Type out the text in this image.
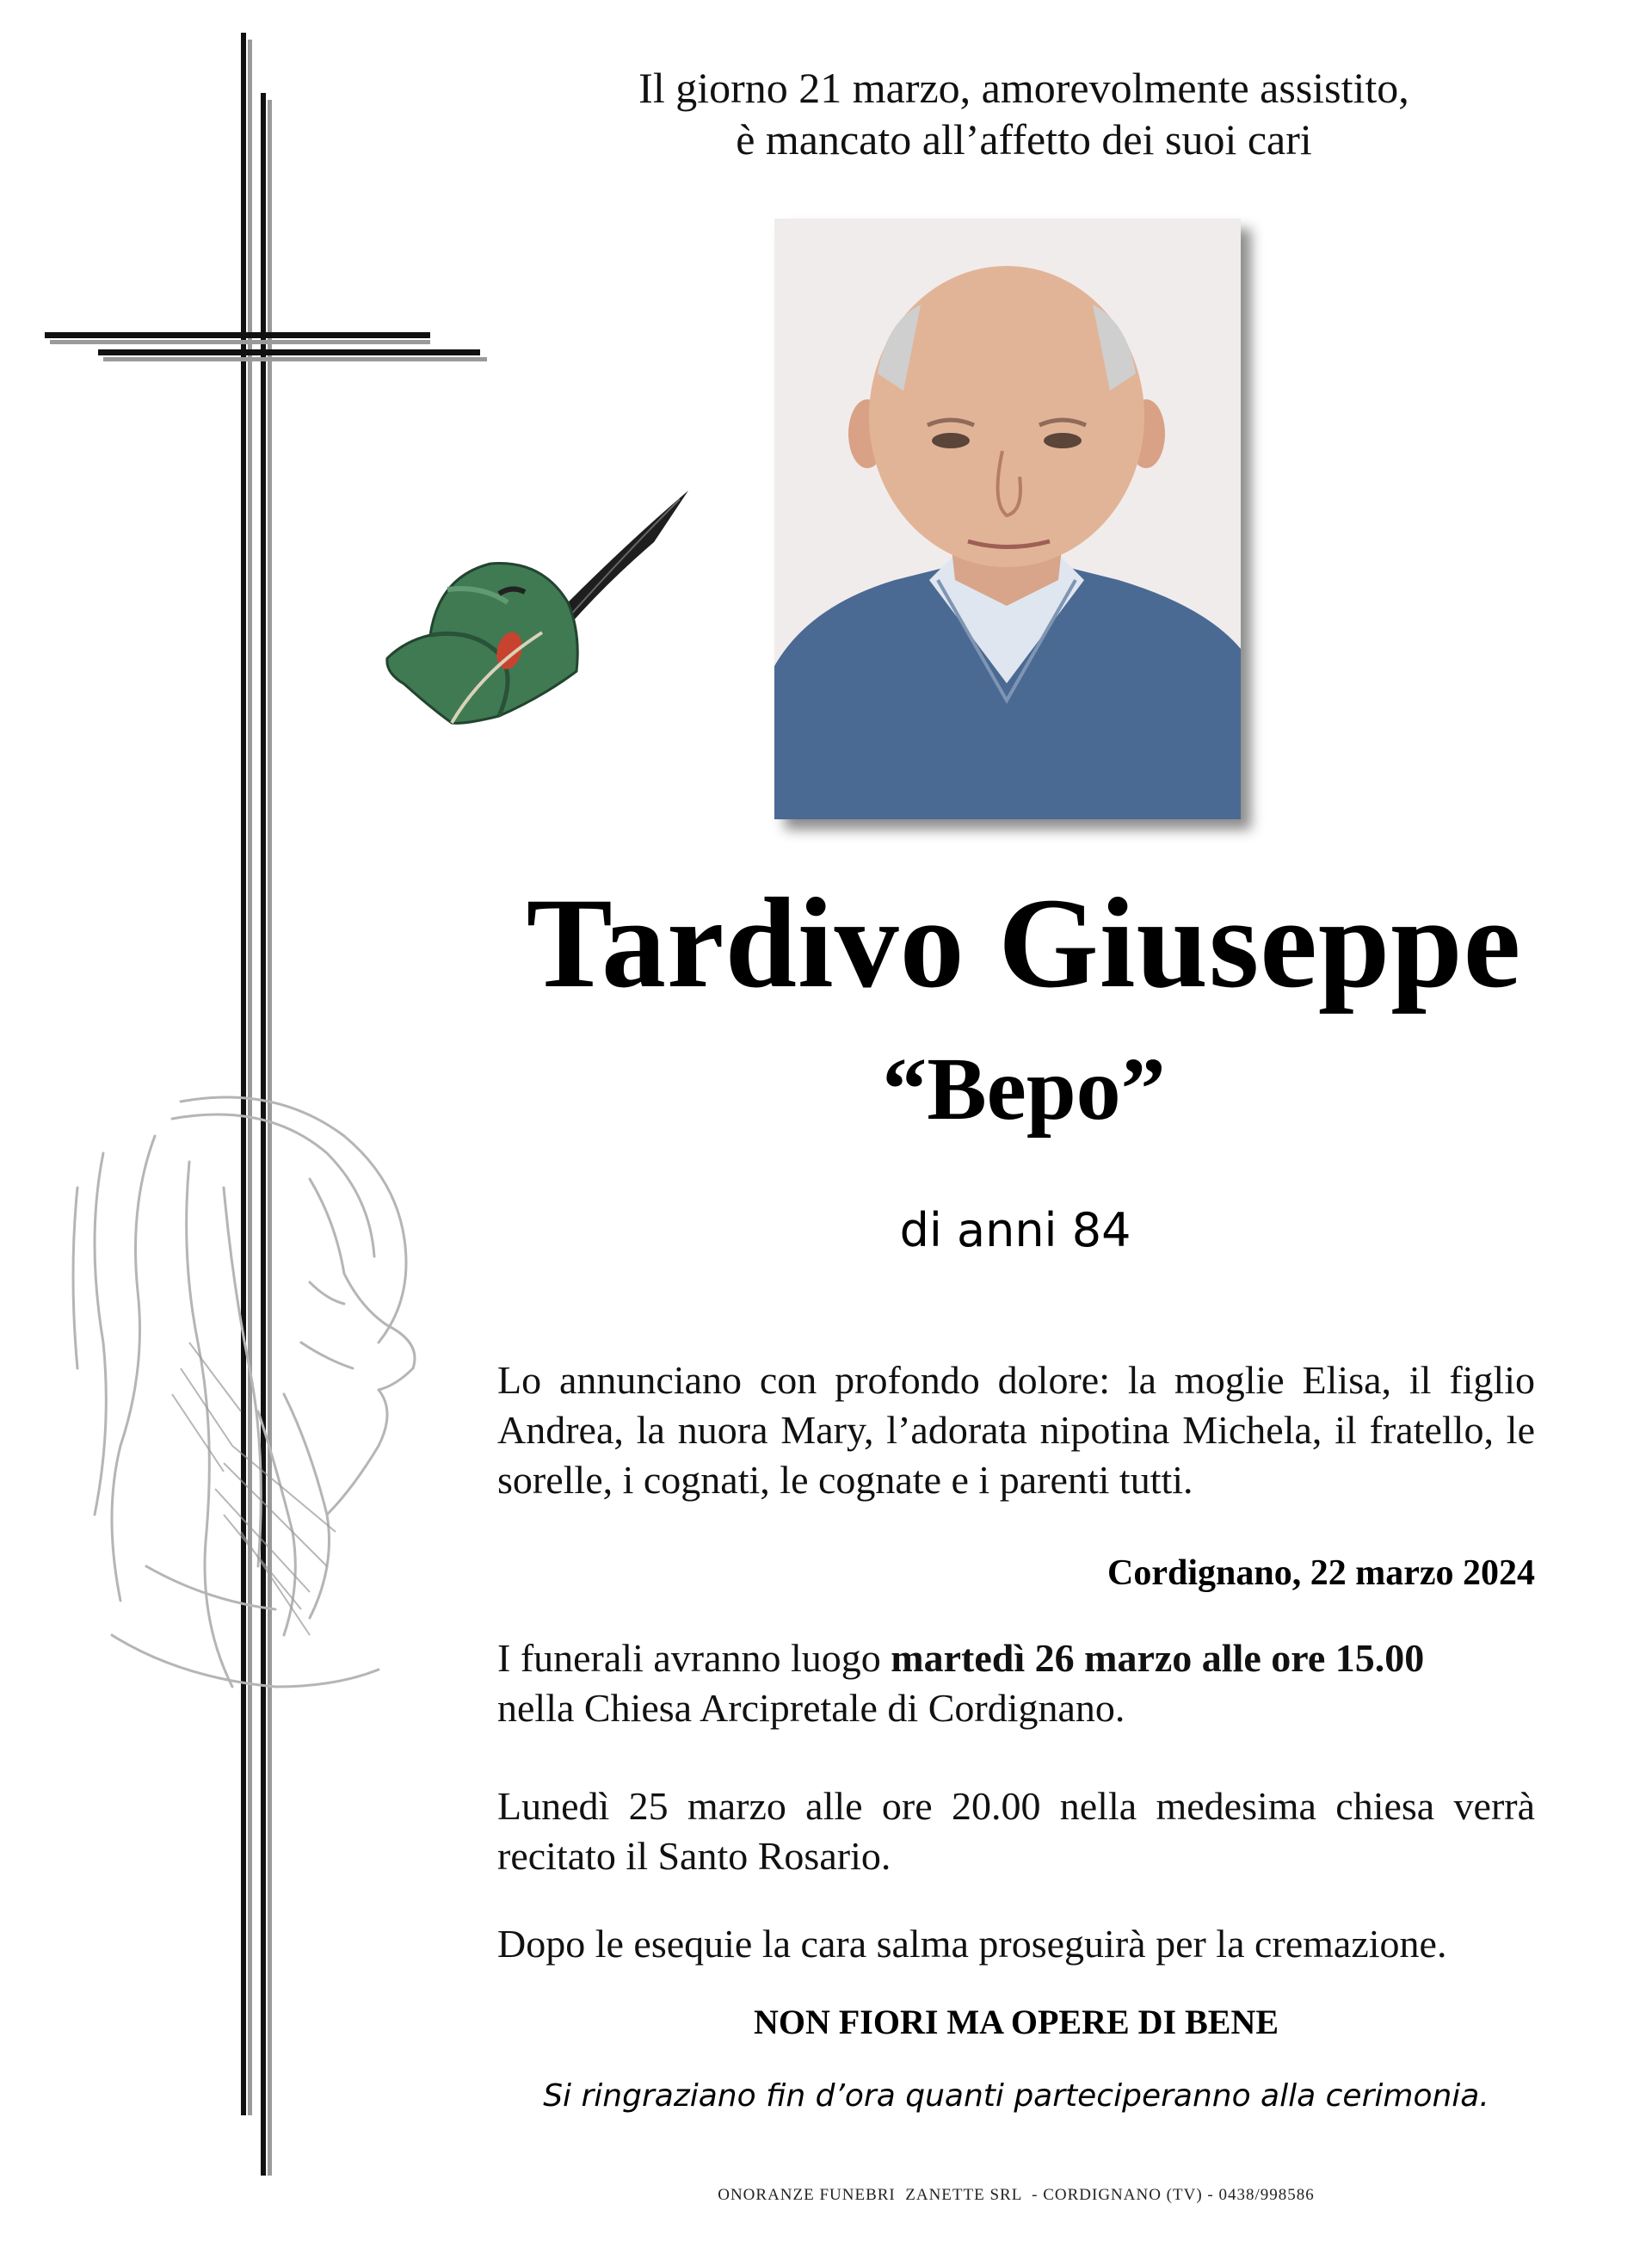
Il giorno 21 marzo, amorevolmente assistito,
è mancato all’affetto dei suoi cari
Tardivo Giuseppe
“Bepo”
di anni 84
Lo annunciano con profondo dolore: la moglie Elisa, il figlio Andrea, la nuora Mary, l’adorata nipotina Michela, il fratello, le sorelle, i cognati, le cognate e i parenti tutti.
Cordignano, 22 marzo 2024
I funerali avranno luogo martedì 26 marzo alle ore 15.00
nella Chiesa Arcipretale di Cordignano.
Lunedì 25 marzo alle ore 20.00 nella medesima chiesa verrà recitato il Santo Rosario.
Dopo le esequie la cara salma proseguirà per la cremazione.
NON FIORI MA OPERE DI BENE
Si ringraziano fin d’ora quanti parteciperanno alla cerimonia.
ONORANZE FUNEBRI  ZANETTE SRL  - CORDIGNANO (TV) - 0438/998586
